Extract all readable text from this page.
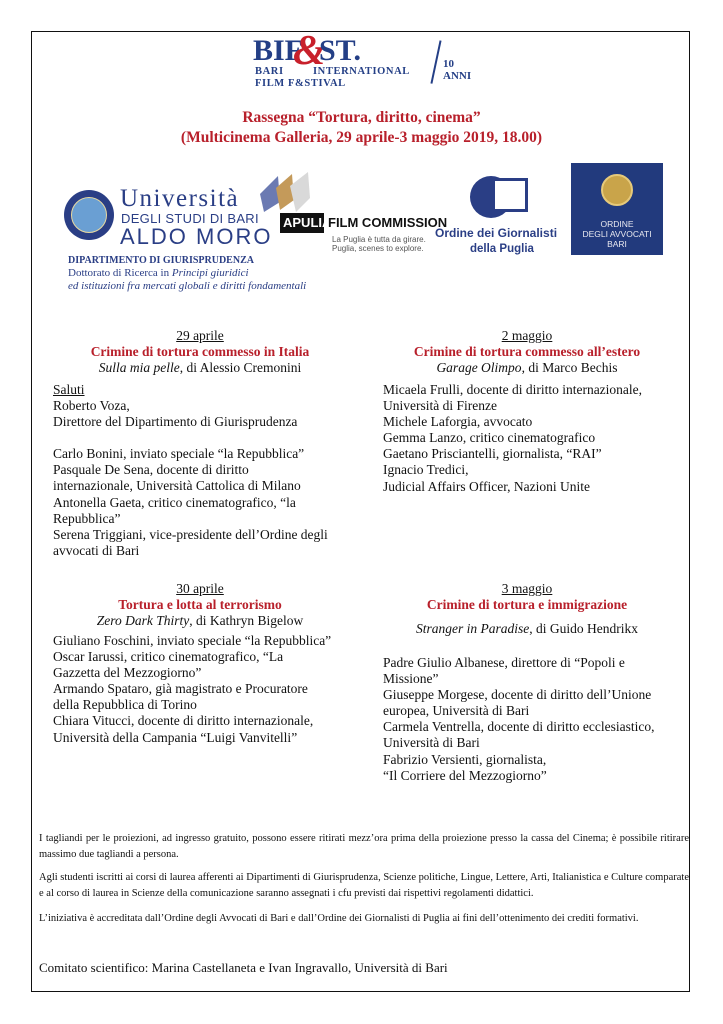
BIF
&
ST.
BARI	INTERNATIONAL
FILM F&STIVAL
10
ANNI
Rassegna “Tortura, diritto, cinema”
(Multicinema Galleria, 29 aprile-3 maggio 2019, 18.00)
Università
DEGLI STUDI DI BARI
ALDO MORO
APULIA
FILM COMMISSION
La Puglia è tutta da girare.
Puglia, scenes to explore.
Ordine dei Giornalisti
della Puglia
ORDINE
DEGLI AVVOCATI
BARI
DIPARTIMENTO DI GIURISPRUDENZA
Dottorato di Ricerca in Principi giuridici
ed istituzioni fra mercati globali e diritti fondamentali
29 aprile
Crimine di tortura commesso in Italia
Sulla mia pelle, di Alessio Cremonini
Saluti
Roberto Voza,
Direttore del Dipartimento di Giurisprudenza
Carlo Bonini, inviato speciale “la Repubblica”
Pasquale De Sena, docente di diritto
internazionale, Università Cattolica di Milano
Antonella Gaeta, critico cinematografico, “la
Repubblica”
Serena Triggiani, vice-presidente dell’Ordine degli
avvocati di Bari
2 maggio
Crimine di tortura commesso all’estero
Garage Olimpo, di Marco Bechis
Micaela Frulli, docente di diritto internazionale,
Università di Firenze
Michele Laforgia, avvocato
Gemma Lanzo, critico cinematografico
Gaetano Prisciantelli, giornalista, “RAI”
Ignacio Tredici,
Judicial Affairs Officer, Nazioni Unite
30 aprile
Tortura e lotta al terrorismo
Zero Dark Thirty, di Kathryn Bigelow
Giuliano Foschini, inviato speciale “la Repubblica”
Oscar Iarussi, critico cinematografico, “La
Gazzetta del Mezzogiorno”
Armando Spataro, già magistrato e Procuratore
della Repubblica di Torino
Chiara Vitucci, docente di diritto internazionale,
Università della Campania “Luigi Vanvitelli”
3 maggio
Crimine di tortura e immigrazione
Stranger in Paradise, di Guido Hendrikx
Padre Giulio Albanese, direttore di “Popoli e
Missione”
Giuseppe Morgese, docente di diritto dell’Unione
europea, Università di Bari
Carmela Ventrella, docente di diritto ecclesiastico,
Università di Bari
Fabrizio Versienti, giornalista,
“Il Corriere del Mezzogiorno”
I tagliandi per le proiezioni, ad ingresso gratuito, possono essere ritirati mezz’ora prima della proiezione presso la cassa del Cinema; è possibile ritirare massimo due tagliandi a persona.
Agli studenti iscritti ai corsi di laurea afferenti ai Dipartimenti di Giurisprudenza, Scienze politiche, Lingue, Lettere, Arti, Italianistica e Culture comparate e al corso di laurea in Scienze della comunicazione saranno assegnati i cfu previsti dai rispettivi regolamenti didattici.
L’iniziativa è accreditata dall’Ordine degli Avvocati di Bari e dall’Ordine dei Giornalisti di Puglia ai fini dell’ottenimento dei crediti formativi.
Comitato scientifico: Marina Castellaneta e Ivan Ingravallo, Università di Bari
